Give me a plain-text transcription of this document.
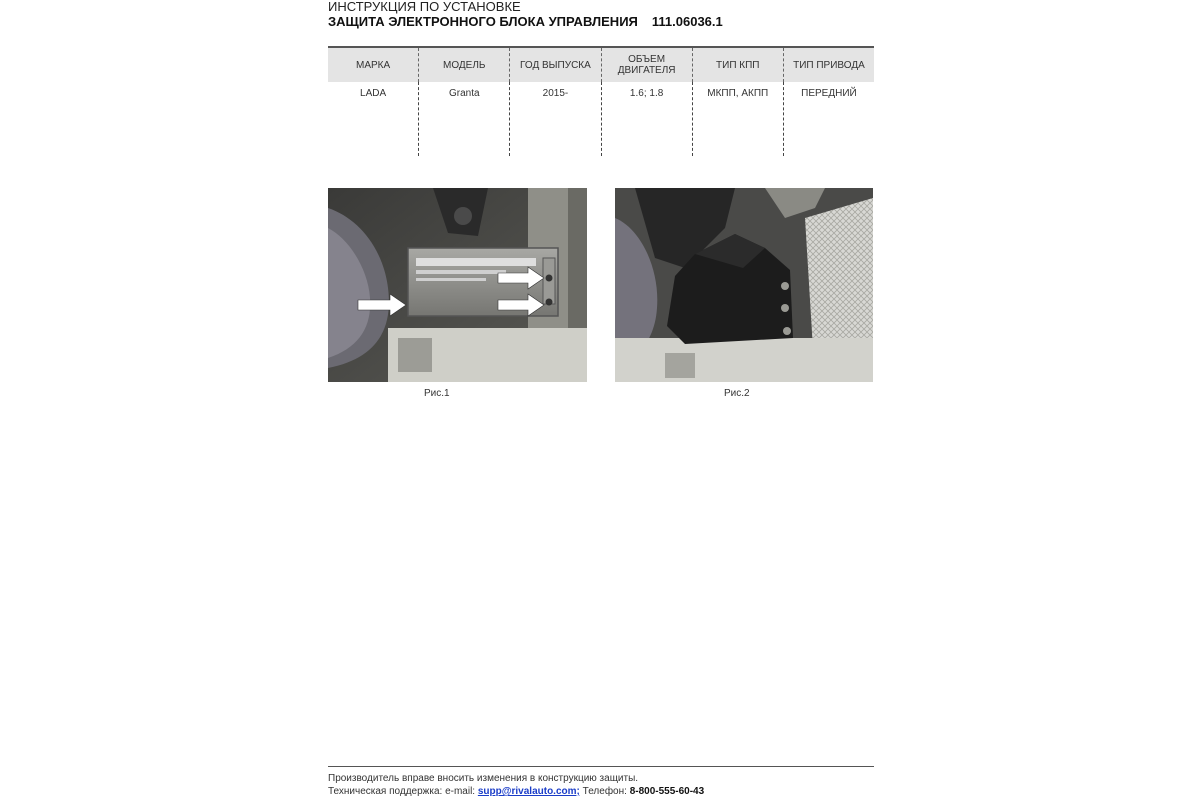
ИНСТРУКЦИЯ ПО УСТАНОВКЕ

ЗАЩИТА ЭЛЕКТРОННОГО БЛОКА УПРАВЛЕНИЯ 111.06036.1

МАРКА	МОДЕЛЬ	ГОД ВЫПУСКА	ОБЪЕМ ДВИГАТЕЛЯ	ТИП КПП	ТИП ПРИВОДА
LADA	Granta	2015-	1.6; 1.8	МКПП, АКПП	ПЕРЕДНИЙ
Рис.1	Рис.2

Производитель вправе вносить изменения в конструкцию защиты.

Техническая поддержка: e-mail: supp@rivalauto.com; Телефон: 8-800-555-60-43
